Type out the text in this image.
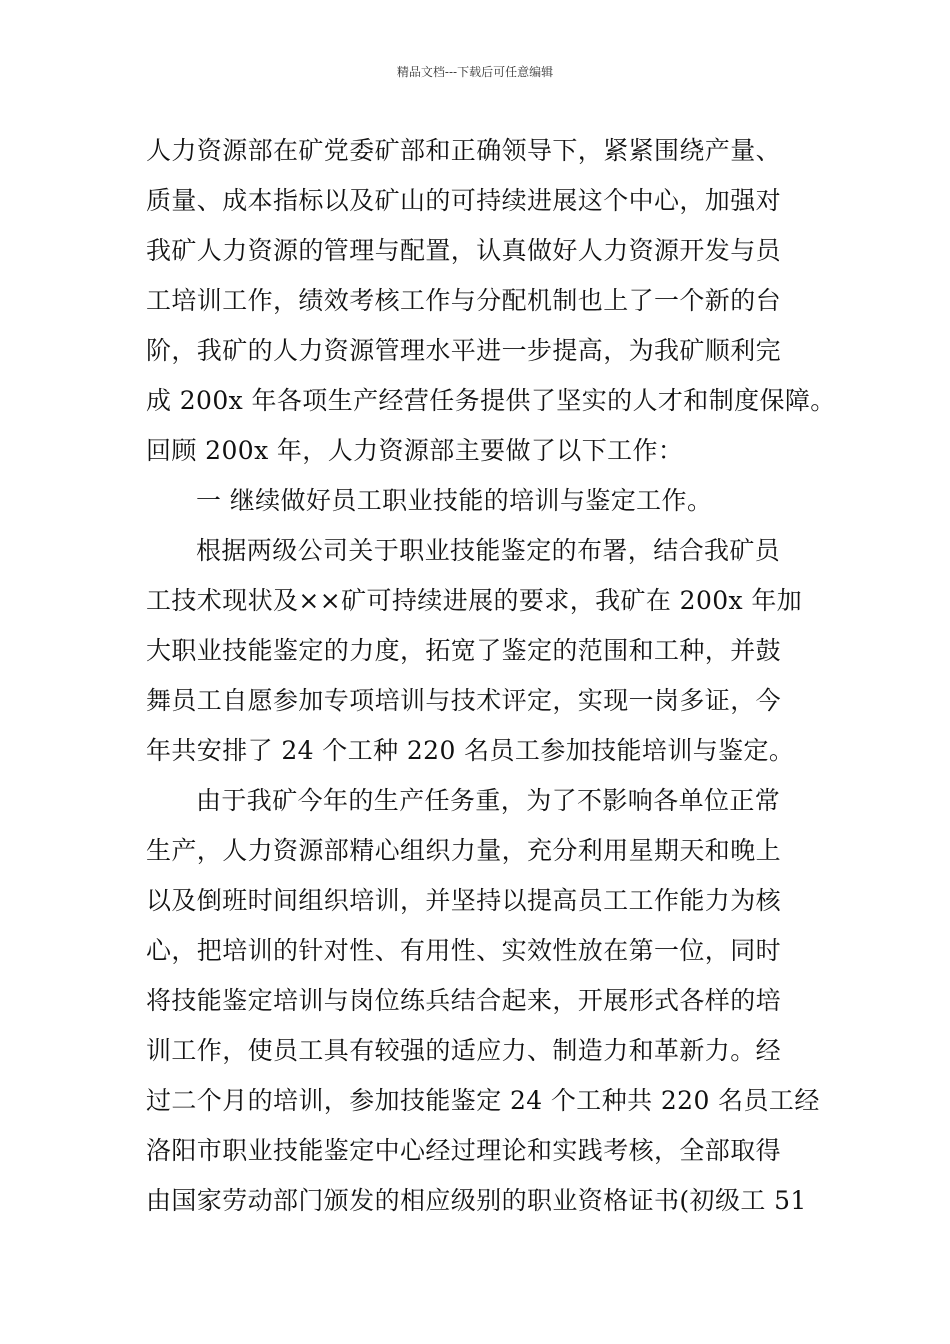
精品文档---下载后可任意编辑
人力资源部在矿党委矿部和正确领导下，紧紧围绕产量、
质量、成本指标以及矿山的可持续进展这个中心，加强对
我矿人力资源的管理与配置，认真做好人力资源开发与员
工培训工作，绩效考核工作与分配机制也上了一个新的台
阶，我矿的人力资源管理水平进一步提高，为我矿顺利完
成 200x 年各项生产经营任务提供了坚实的人才和制度保障。
回顾 200x 年，人力资源部主要做了以下工作：
一 继续做好员工职业技能的培训与鉴定工作。
根据两级公司关于职业技能鉴定的布署，结合我矿员
工技术现状及××矿可持续进展的要求，我矿在 200x 年加
大职业技能鉴定的力度，拓宽了鉴定的范围和工种，并鼓
舞员工自愿参加专项培训与技术评定，实现一岗多证，今
年共安排了 24 个工种 220 名员工参加技能培训与鉴定。
由于我矿今年的生产任务重，为了不影响各单位正常
生产，人力资源部精心组织力量，充分利用星期天和晚上
以及倒班时间组织培训，并坚持以提高员工工作能力为核
心，把培训的针对性、有用性、实效性放在第一位，同时
将技能鉴定培训与岗位练兵结合起来，开展形式各样的培
训工作，使员工具有较强的适应力、制造力和革新力。经
过二个月的培训，参加技能鉴定 24 个工种共 220 名员工经
洛阳市职业技能鉴定中心经过理论和实践考核，全部取得
由国家劳动部门颁发的相应级别的职业资格证书(初级工 51
